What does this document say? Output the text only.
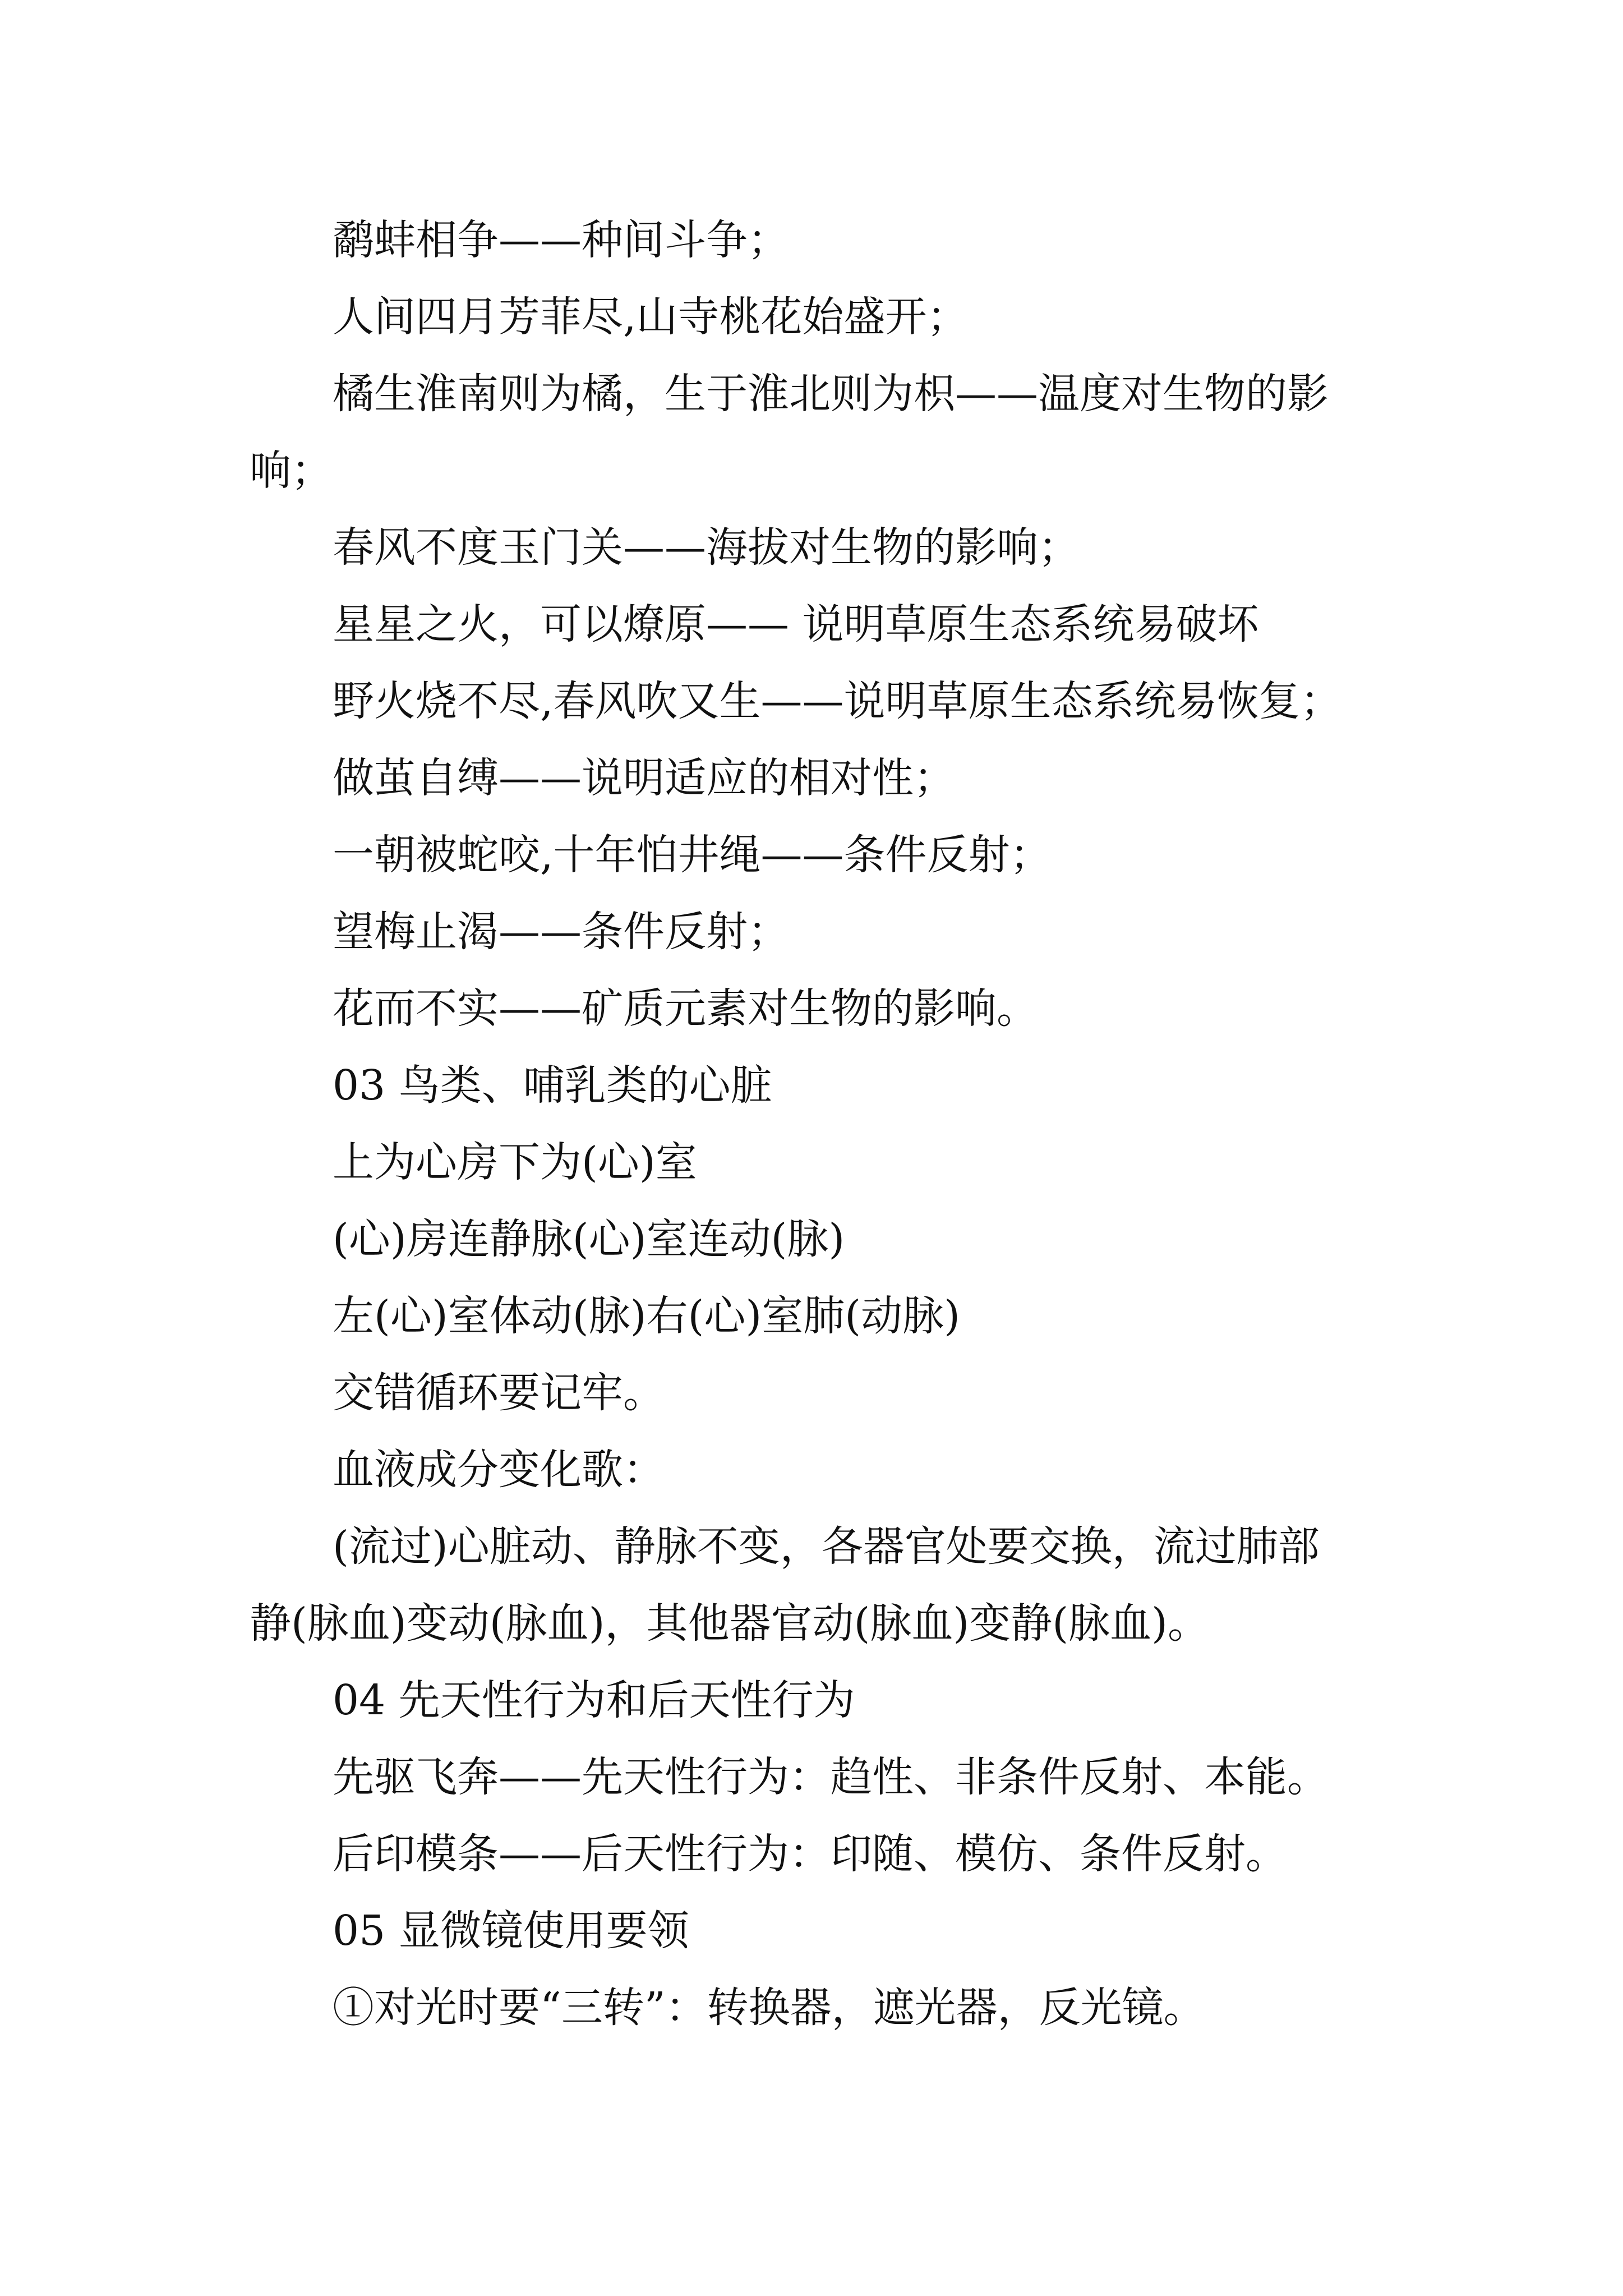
鹬蚌相争——种间斗争；
人间四月芳菲尽,山寺桃花始盛开；
橘生淮南则为橘，生于淮北则为枳——温度对生物的影
响；
春风不度玉门关——海拔对生物的影响；
星星之火，可以燎原—— 说明草原生态系统易破坏
野火烧不尽,春风吹又生——说明草原生态系统易恢复；
做茧自缚——说明适应的相对性；
一朝被蛇咬,十年怕井绳——条件反射；
望梅止渴——条件反射；
花而不实——矿质元素对生物的影响。
03 鸟类、哺乳类的心脏
上为心房下为(心)室
(心)房连静脉(心)室连动(脉)
左(心)室体动(脉)右(心)室肺(动脉)
交错循环要记牢。
血液成分变化歌：
(流过)心脏动、静脉不变，各器官处要交换，流过肺部
静(脉血)变动(脉血)，其他器官动(脉血)变静(脉血)。
04 先天性行为和后天性行为
先驱飞奔——先天性行为：趋性、非条件反射、本能。
后印模条——后天性行为：印随、模仿、条件反射。
05 显微镜使用要领
①对光时要“三转”：转换器，遮光器，反光镜。
